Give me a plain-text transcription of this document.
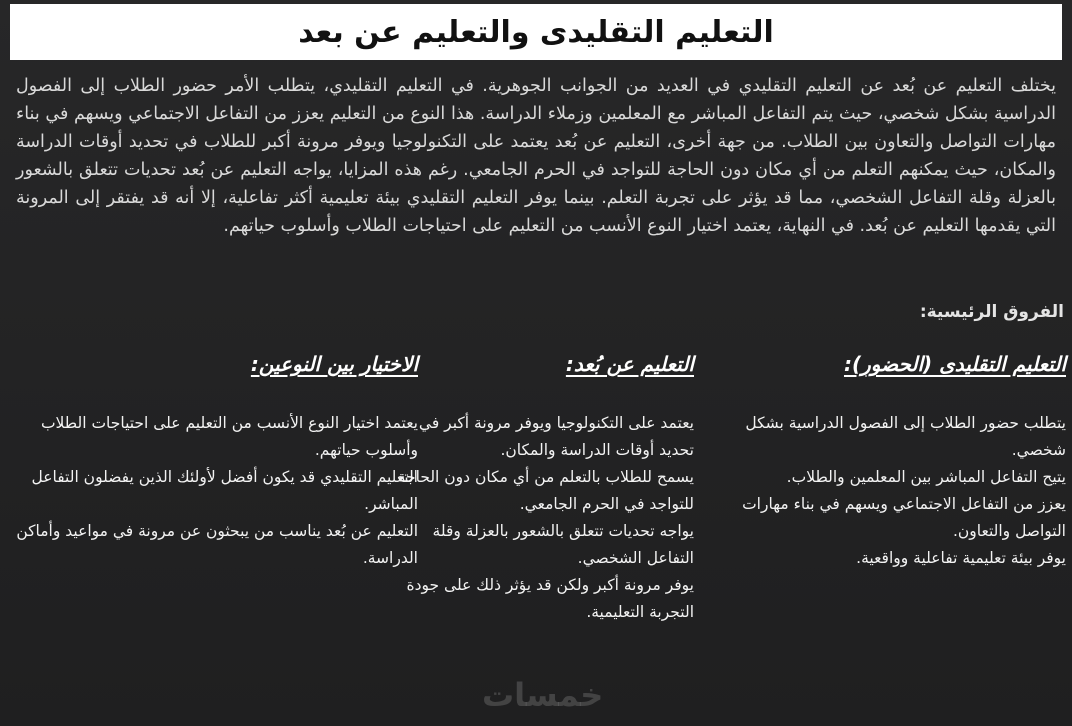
التعليم التقليدى والتعليم عن بعد

يختلف التعليم عن بُعد عن التعليم التقليدي في العديد من الجوانب الجوهرية. في التعليم التقليدي، يتطلب الأمر حضور الطلاب إلى الفصول الدراسية بشكل شخصي، حيث يتم التفاعل المباشر مع المعلمين وزملاء الدراسة. هذا النوع من التعليم يعزز من التفاعل الاجتماعي ويسهم في بناء مهارات التواصل والتعاون بين الطلاب. من جهة أخرى، التعليم عن بُعد يعتمد على التكنولوجيا ويوفر مرونة أكبر للطلاب في تحديد أوقات الدراسة والمكان، حيث يمكنهم التعلم من أي مكان دون الحاجة للتواجد في الحرم الجامعي. رغم هذه المزايا، يواجه التعليم عن بُعد تحديات تتعلق بالشعور بالعزلة وقلة التفاعل الشخصي، مما قد يؤثر على تجربة التعلم. بينما يوفر التعليم التقليدي بيئة تعليمية أكثر تفاعلية، إلا أنه قد يفتقر إلى المرونة التي يقدمها التعليم عن بُعد. في النهاية، يعتمد اختيار النوع الأنسب من التعليم على احتياجات الطلاب وأسلوب حياتهم.

الفروق الرئيسية:

التعليم التقليدى (الحضور):
يتطلب حضور الطلاب إلى الفصول الدراسية بشكل شخصي.
يتيح التفاعل المباشر بين المعلمين والطلاب.
يعزز من التفاعل الاجتماعي ويسهم في بناء مهارات التواصل والتعاون.
يوفر بيئة تعليمية تفاعلية وواقعية.
التعليم عن بُعد:
يعتمد على التكنولوجيا ويوفر مرونة أكبر في تحديد أوقات الدراسة والمكان.
يسمح للطلاب بالتعلم من أي مكان دون الحاجة للتواجد في الحرم الجامعي.
يواجه تحديات تتعلق بالشعور بالعزلة وقلة التفاعل الشخصي.
يوفر مرونة أكبر ولكن قد يؤثر ذلك على جودة التجربة التعليمية.
الاختيار بين النوعين:
يعتمد اختيار النوع الأنسب من التعليم على احتياجات الطلاب وأسلوب حياتهم.
التعليم التقليدي قد يكون أفضل لأولئك الذين يفضلون التفاعل المباشر.
التعليم عن بُعد يناسب من يبحثون عن مرونة في مواعيد وأماكن الدراسة.
خمسات
